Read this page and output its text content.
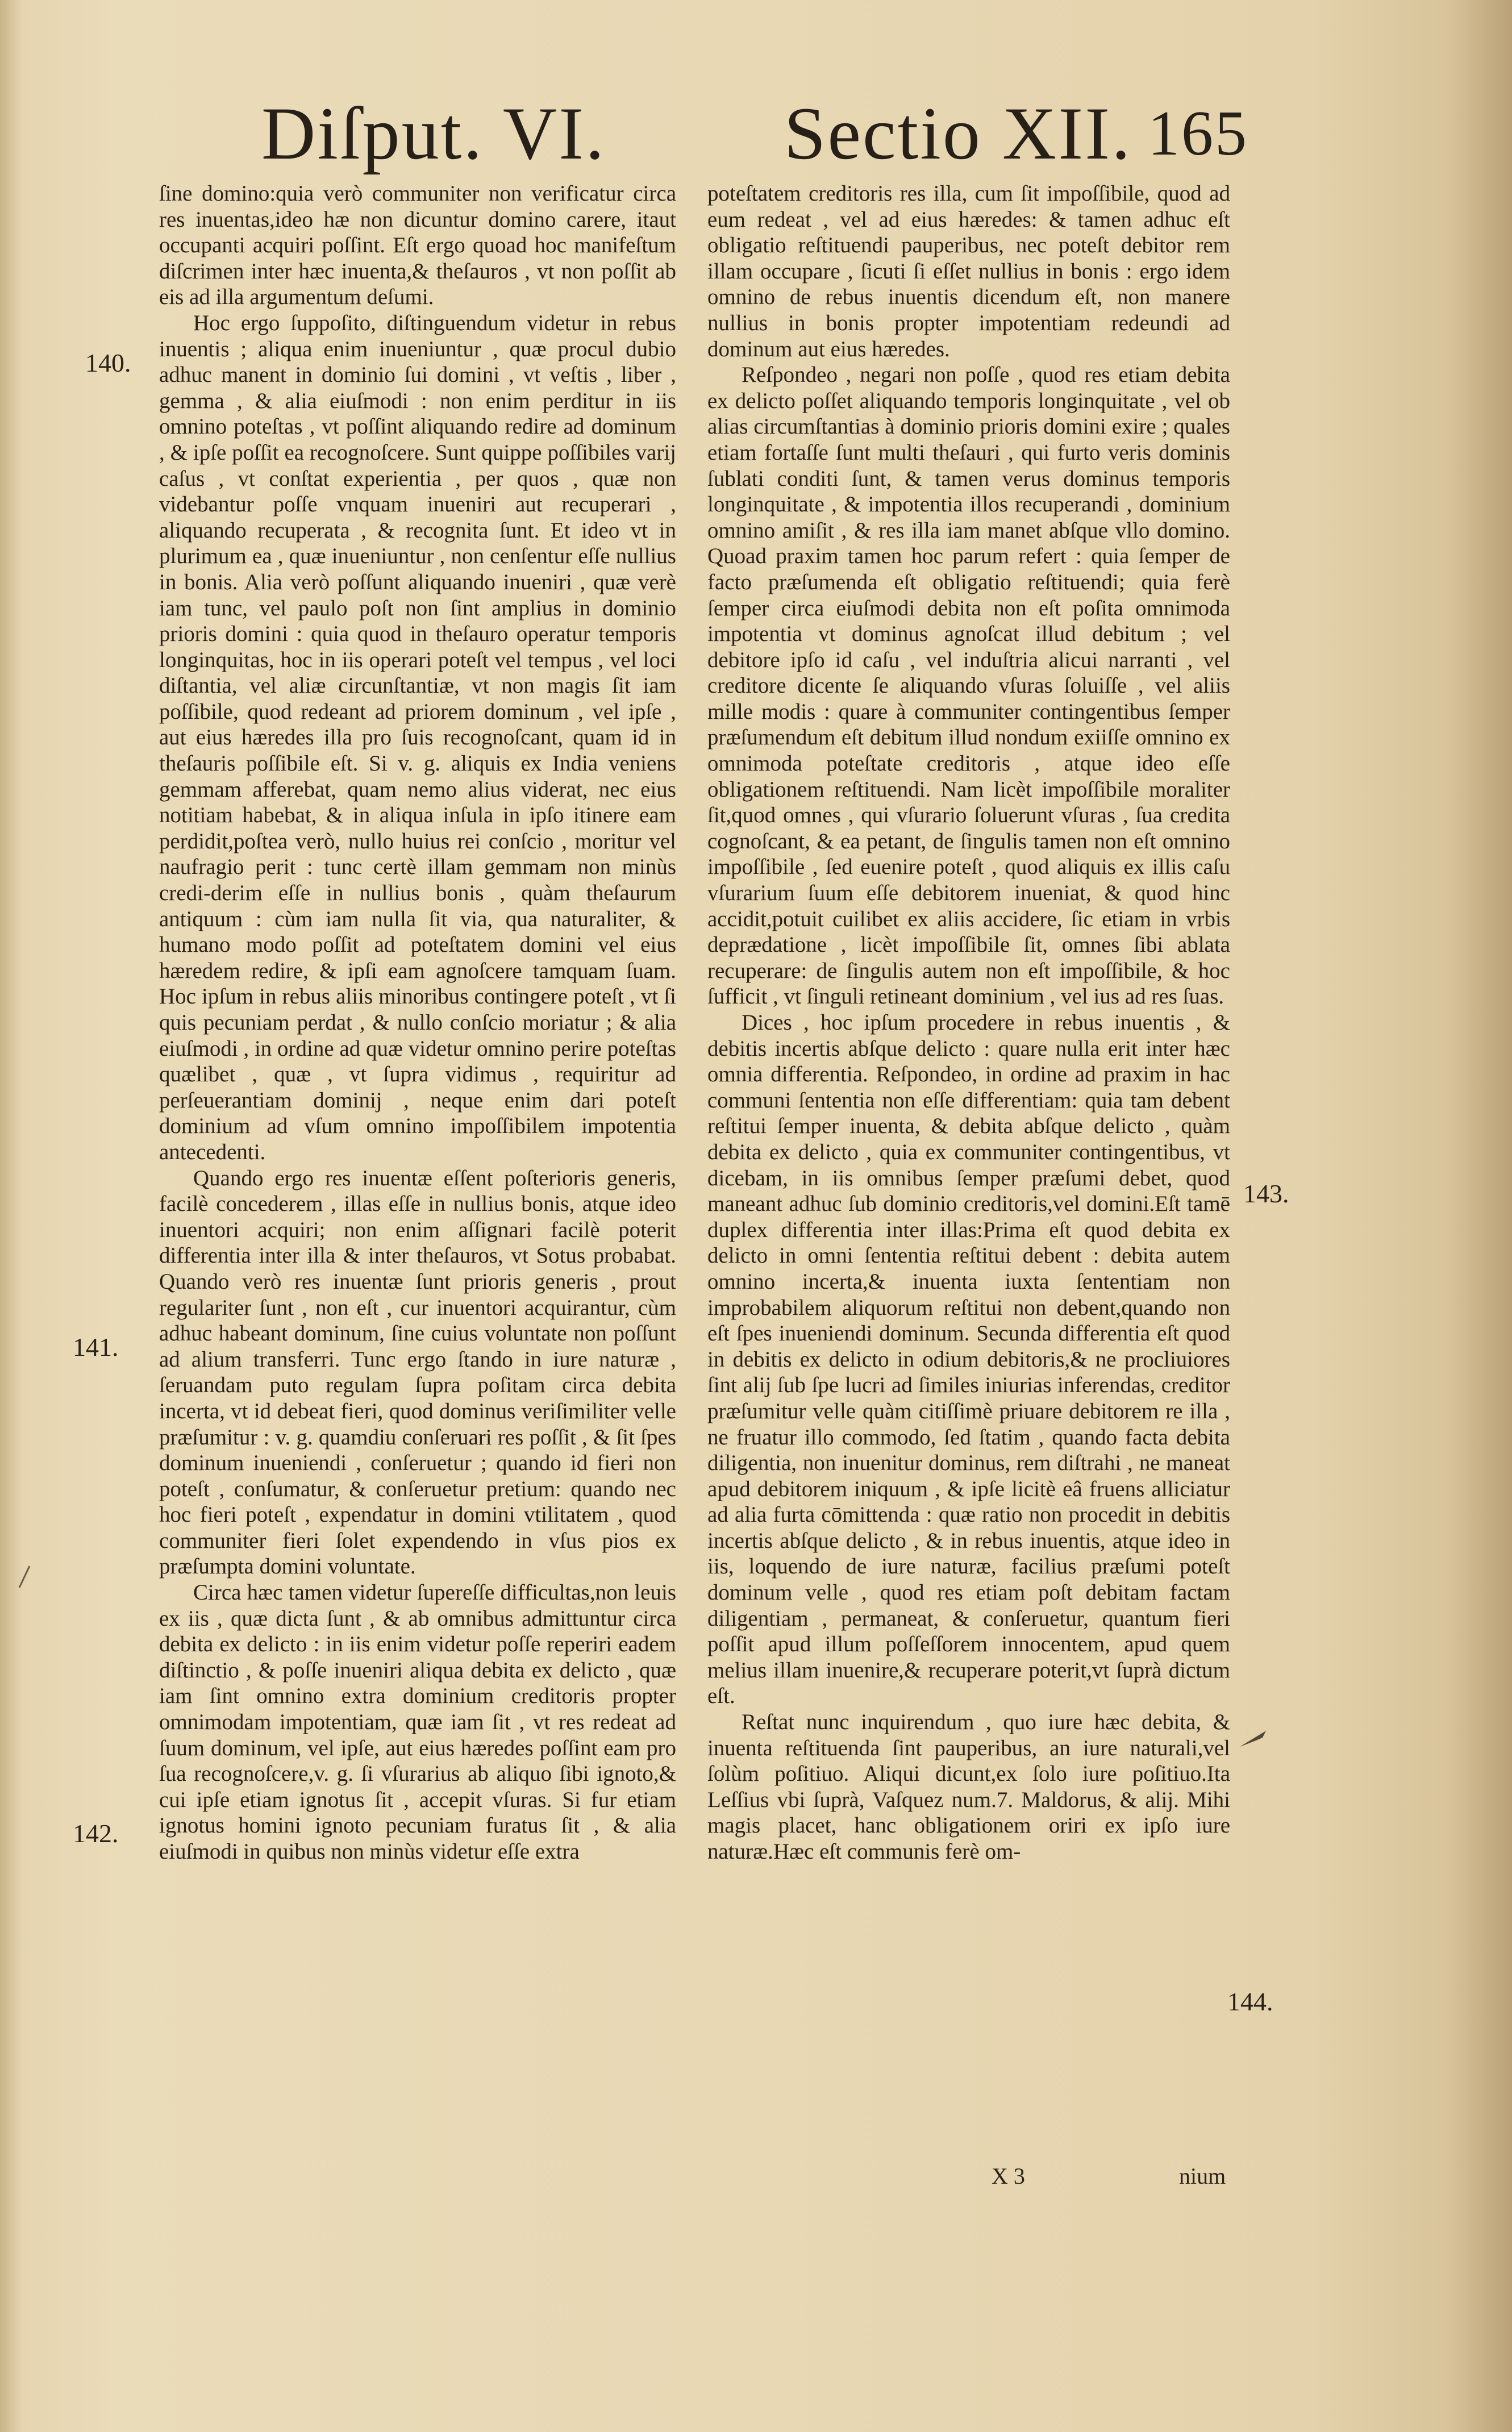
Diſput. VI. Sectio XII. 165
140.
141.
142.
143.
144.

ſine domino:quia verò communiter non verificatur circa res inuentas,ideo hæ non dicuntur domino carere, itaut occupanti acquiri poſſint. Eſt ergo quoad hoc manifeſtum diſcrimen inter hæc inuenta,& theſauros , vt non poſſit ab eis ad illa argumentum deſumi.

Hoc ergo ſuppoſito, diſtinguendum videtur in rebus inuentis ; aliqua enim inueniuntur , quæ procul dubio adhuc manent in dominio ſui domini , vt veſtis , liber , gemma , & alia eiuſmodi : non enim perditur in iis omnino poteſtas , vt poſſint aliquando redire ad dominum , & ipſe poſſit ea recognoſcere. Sunt quippe poſſibiles varij caſus , vt conſtat experientia , per quos , quæ non videbantur poſſe vnquam inueniri aut recuperari , aliquando recuperata , & recognita ſunt. Et ideo vt in plurimum ea , quæ inueniuntur , non cenſentur eſſe nullius in bonis. Alia verò poſſunt aliquando inueniri , quæ verè iam tunc, vel paulo poſt non ſint amplius in dominio prioris domini : quia quod in theſauro operatur temporis longinquitas, hoc in iis operari poteſt vel tempus , vel loci diſtantia, vel aliæ circunſtantiæ, vt non magis ſit iam poſſibile, quod redeant ad priorem dominum , vel ipſe , aut eius hæredes illa pro ſuis recognoſcant, quam id in theſauris poſſibile eſt. Si v. g. aliquis ex India veniens gemmam afferebat, quam nemo alius viderat, nec eius notitiam habebat, & in aliqua inſula in ipſo itinere eam perdidit,poſtea verò, nullo huius rei conſcio , moritur vel naufragio perit : tunc certè illam gemmam non minùs credi-derim eſſe in nullius bonis , quàm theſaurum antiquum : cùm iam nulla ſit via, qua naturaliter, & humano modo poſſit ad poteſtatem domini vel eius hæredem redire, & ipſi eam agnoſcere tamquam ſuam. Hoc ipſum in rebus aliis minoribus contingere poteſt , vt ſi quis pecuniam perdat , & nullo conſcio moriatur ; & alia eiuſmodi , in ordine ad quæ videtur omnino perire poteſtas quælibet , quæ , vt ſupra vidimus , requiritur ad perſeuerantiam dominij , neque enim dari poteſt dominium ad vſum omnino impoſſibilem impotentia antecedenti.

Quando ergo res inuentæ eſſent poſterioris generis, facilè concederem , illas eſſe in nullius bonis, atque ideo inuentori acquiri; non enim aſſignari facilè poterit differentia inter illa & inter theſauros, vt Sotus probabat. Quando verò res inuentæ ſunt prioris generis , prout regulariter ſunt , non eſt , cur inuentori acquirantur, cùm adhuc habeant dominum, ſine cuius voluntate non poſſunt ad alium transferri. Tunc ergo ſtando in iure naturæ , ſeruandam puto regulam ſupra poſitam circa debita incerta, vt id debeat fieri, quod dominus veriſimiliter velle præſumitur : v. g. quamdiu conſeruari res poſſit , & ſit ſpes dominum inueniendi , conſeruetur ; quando id fieri non poteſt , conſumatur, & conſeruetur pretium: quando nec hoc fieri poteſt , expendatur in domini vtilitatem , quod communiter fieri ſolet expendendo in vſus pios ex præſumpta domini voluntate.

Circa hæc tamen videtur ſupereſſe difficultas,non leuis ex iis , quæ dicta ſunt , & ab omnibus admittuntur circa debita ex delicto : in iis enim videtur poſſe reperiri eadem diſtinctio , & poſſe inueniri aliqua debita ex delicto , quæ iam ſint omnino extra dominium creditoris propter omnimodam impotentiam, quæ iam ſit , vt res redeat ad ſuum dominum, vel ipſe, aut eius hæredes poſſint eam pro ſua recognoſcere,v. g. ſi vſurarius ab aliquo ſibi ignoto,& cui ipſe etiam ignotus ſit , accepit vſuras. Si fur etiam ignotus homini ignoto pecuniam furatus ſit , & alia eiuſmodi in quibus non minùs videtur eſſe extra

poteſtatem creditoris res illa, cum ſit impoſſibile, quod ad eum redeat , vel ad eius hæredes: & tamen adhuc eſt obligatio reſtituendi pauperibus, nec poteſt debitor rem illam occupare , ſicuti ſi eſſet nullius in bonis : ergo idem omnino de rebus inuentis dicendum eſt, non manere nullius in bonis propter impotentiam redeundi ad dominum aut eius hæredes.

Reſpondeo , negari non poſſe , quod res etiam debita ex delicto poſſet aliquando temporis longinquitate , vel ob alias circumſtantias à dominio prioris domini exire ; quales etiam fortaſſe ſunt multi theſauri , qui furto veris dominis ſublati conditi ſunt, & tamen verus dominus temporis longinquitate , & impotentia illos recuperandi , dominium omnino amiſit , & res illa iam manet abſque vllo domino. Quoad praxim tamen hoc parum refert : quia ſemper de facto præſumenda eſt obligatio reſtituendi; quia ferè ſemper circa eiuſmodi debita non eſt poſita omnimoda impotentia vt dominus agnoſcat illud debitum ; vel debitore ipſo id caſu , vel induſtria alicui narranti , vel creditore dicente ſe aliquando vſuras ſoluiſſe , vel aliis mille modis : quare à communiter contingentibus ſemper præſumendum eſt debitum illud nondum exiiſſe omnino ex omnimoda poteſtate creditoris , atque ideo eſſe obligationem reſtituendi. Nam licèt impoſſibile moraliter ſit,quod omnes , qui vſurario ſoluerunt vſuras , ſua credita cognoſcant, & ea petant, de ſingulis tamen non eſt omnino impoſſibile , ſed euenire poteſt , quod aliquis ex illis caſu vſurarium ſuum eſſe debitorem inueniat, & quod hinc accidit,potuit cuilibet ex aliis accidere, ſic etiam in vrbis deprædatione , licèt impoſſibile ſit, omnes ſibi ablata recuperare: de ſingulis autem non eſt impoſſibile, & hoc ſufficit , vt ſinguli retineant dominium , vel ius ad res ſuas.

Dices , hoc ipſum procedere in rebus inuentis , & debitis incertis abſque delicto : quare nulla erit inter hæc omnia differentia. Reſpondeo, in ordine ad praxim in hac communi ſententia non eſſe differentiam: quia tam debent reſtitui ſemper inuenta, & debita abſque delicto , quàm debita ex delicto , quia ex communiter contingentibus, vt dicebam, in iis omnibus ſemper præſumi debet, quod maneant adhuc ſub dominio creditoris,vel domini.Eſt tamē duplex differentia inter illas:Prima eſt quod debita ex delicto in omni ſententia reſtitui debent : debita autem omnino incerta,& inuenta iuxta ſententiam non improbabilem aliquorum reſtitui non debent,quando non eſt ſpes inueniendi dominum. Secunda differentia eſt quod in debitis ex delicto in odium debitoris,& ne procliuiores ſint alij ſub ſpe lucri ad ſimiles iniurias inferendas, creditor præſumitur velle quàm citiſſimè priuare debitorem re illa , ne fruatur illo commodo, ſed ſtatim , quando facta debita diligentia, non inuenitur dominus, rem diſtrahi , ne maneat apud debitorem iniquum , & ipſe licitè eâ fruens alliciatur ad alia furta cōmittenda : quæ ratio non procedit in debitis incertis abſque delicto , & in rebus inuentis, atque ideo in iis, loquendo de iure naturæ, facilius præſumi poteſt dominum velle , quod res etiam poſt debitam factam diligentiam , permaneat, & conſeruetur, quantum fieri poſſit apud illum poſſeſſorem innocentem, apud quem melius illam inuenire,& recuperare poterit,vt ſuprà dictum eſt.

Reſtat nunc inquirendum , quo iure hæc debita, & inuenta reſtituenda ſint pauperibus, an iure naturali,vel ſolùm poſitiuo. Aliqui dicunt,ex ſolo iure poſitiuo.Ita Leſſius vbi ſuprà, Vaſquez num.7. Maldorus, & alij. Mihi magis placet, hanc obligationem oriri ex ipſo iure naturæ.Hæc eſt communis ferè om-

X 3	nium
